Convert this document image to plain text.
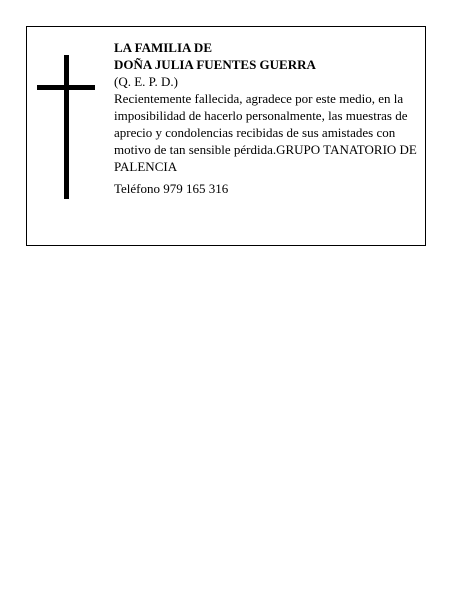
LA FAMILIA DE
DOÑA JULIA FUENTES GUERRA
(Q. E. P. D.)
Recientemente fallecida, agradece por este medio, en la imposibilidad de hacerlo personalmente, las muestras de aprecio y condolencias recibidas de sus amistades con motivo de tan sensible pérdida.GRUPO TANATORIO DE PALENCIA
Teléfono 979 165 316
